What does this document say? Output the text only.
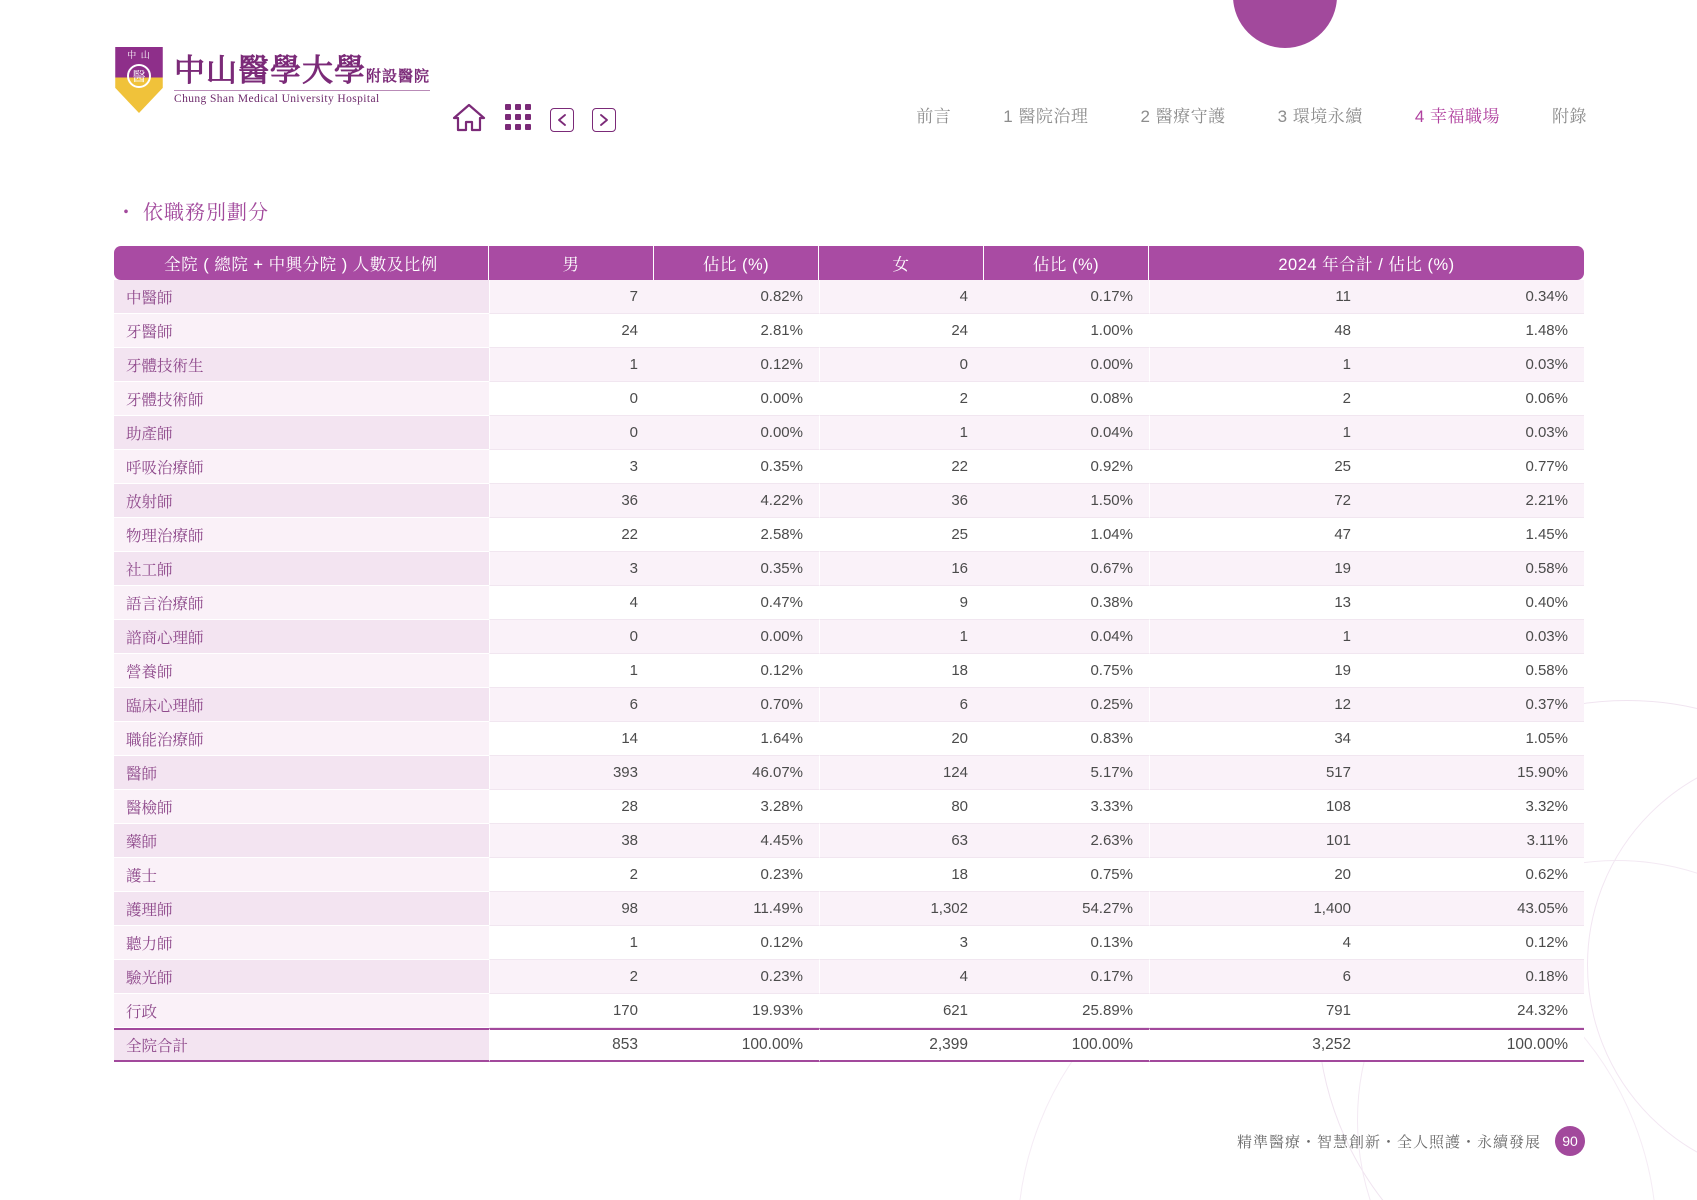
中 山
醫 中山醫學大學附設醫院
Chung Shan Medical University Hospital
前言	1 醫院治理	2 醫療守護	3 環境永續	4 幸福職場	附錄
・ 依職務別劃分
全院 ( 總院 + 中興分院 ) 人數及比例	男	佔比 (%)	女	佔比 (%)	2024 年合計 / 佔比 (%)	
中醫師	7	0.82%	4	0.17%	11	0.34%
牙醫師	24	2.81%	24	1.00%	48	1.48%
牙體技術生	1	0.12%	0	0.00%	1	0.03%
牙體技術師	0	0.00%	2	0.08%	2	0.06%
助產師	0	0.00%	1	0.04%	1	0.03%
呼吸治療師	3	0.35%	22	0.92%	25	0.77%
放射師	36	4.22%	36	1.50%	72	2.21%
物理治療師	22	2.58%	25	1.04%	47	1.45%
社工師	3	0.35%	16	0.67%	19	0.58%
語言治療師	4	0.47%	9	0.38%	13	0.40%
諮商心理師	0	0.00%	1	0.04%	1	0.03%
營養師	1	0.12%	18	0.75%	19	0.58%
臨床心理師	6	0.70%	6	0.25%	12	0.37%
職能治療師	14	1.64%	20	0.83%	34	1.05%
醫師	393	46.07%	124	5.17%	517	15.90%
醫檢師	28	3.28%	80	3.33%	108	3.32%
藥師	38	4.45%	63	2.63%	101	3.11%
護士	2	0.23%	18	0.75%	20	0.62%
護理師	98	11.49%	1,302	54.27%	1,400	43.05%
聽力師	1	0.12%	3	0.13%	4	0.12%
驗光師	2	0.23%	4	0.17%	6	0.18%
行政	170	19.93%	621	25.89%	791	24.32%
全院合計	853	100.00%	2,399	100.00%	3,252	100.00%
精準醫療・智慧創新・全人照護・永續發展	90
